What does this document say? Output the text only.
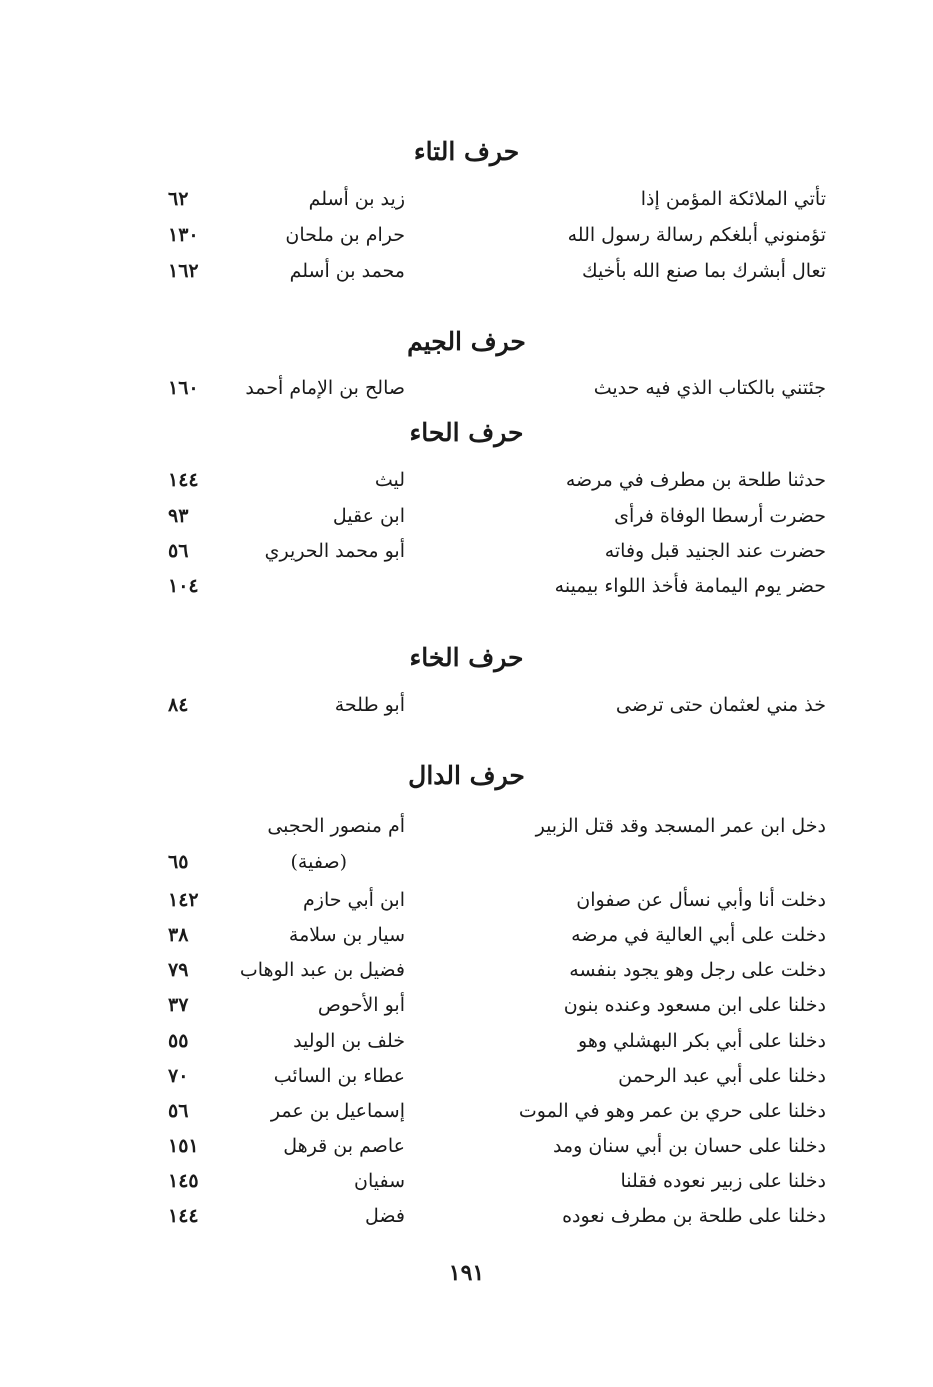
حرف التاء
تأتي الملائكة المؤمن إذا
زيد بن أسلم
٦٢
تؤمنوني أبلغكم رسالة رسول الله
حرام بن ملحان
١٣٠
تعال أبشرك بما صنع الله بأخيك
محمد بن أسلم
١٦٢
حرف الجيم
جئتني بالكتاب الذي فيه حديث
صالح بن الإمام أحمد
١٦٠
حرف الحاء
حدثنا طلحة بن مطرف في مرضه
ليث
١٤٤
حضرت أرسطا الوفاة فرأى
ابن عقيل
٩٣
حضرت عند الجنيد قبل وفاته
أبو محمد الحريري
٥٦
حضر يوم اليمامة فأخذ اللواء بيمينه
١٠٤
حرف الخاء
خذ مني لعثمان حتى ترضى
أبو طلحة
٨٤
حرف الدال
دخل ابن عمر المسجد وقد قتل الزبير
أم منصور الحجبى
(صفية)
٦٥
دخلت أنا وأبي نسأل عن صفوان
ابن أبي حازم
١٤٢
دخلت على أبي العالية في مرضه
سيار بن سلامة
٣٨
دخلت على رجل وهو يجود بنفسه
فضيل بن عبد الوهاب
٧٩
دخلنا على ابن مسعود وعنده بنون
أبو الأحوص
٣٧
دخلنا على أبي بكر البهشلي وهو
خلف بن الوليد
٥٥
دخلنا على أبي عبد الرحمن
عطاء بن السائب
٧٠
دخلنا على حري بن عمر وهو في الموت
إسماعيل بن عمر
٥٦
دخلنا على حسان بن أبي سنان ومد
عاصم بن قرهل
١٥١
دخلنا على زبير نعوده فقلنا
سفيان
١٤٥
دخلنا على طلحة بن مطرف نعوده
فضل
١٤٤
١٩١
